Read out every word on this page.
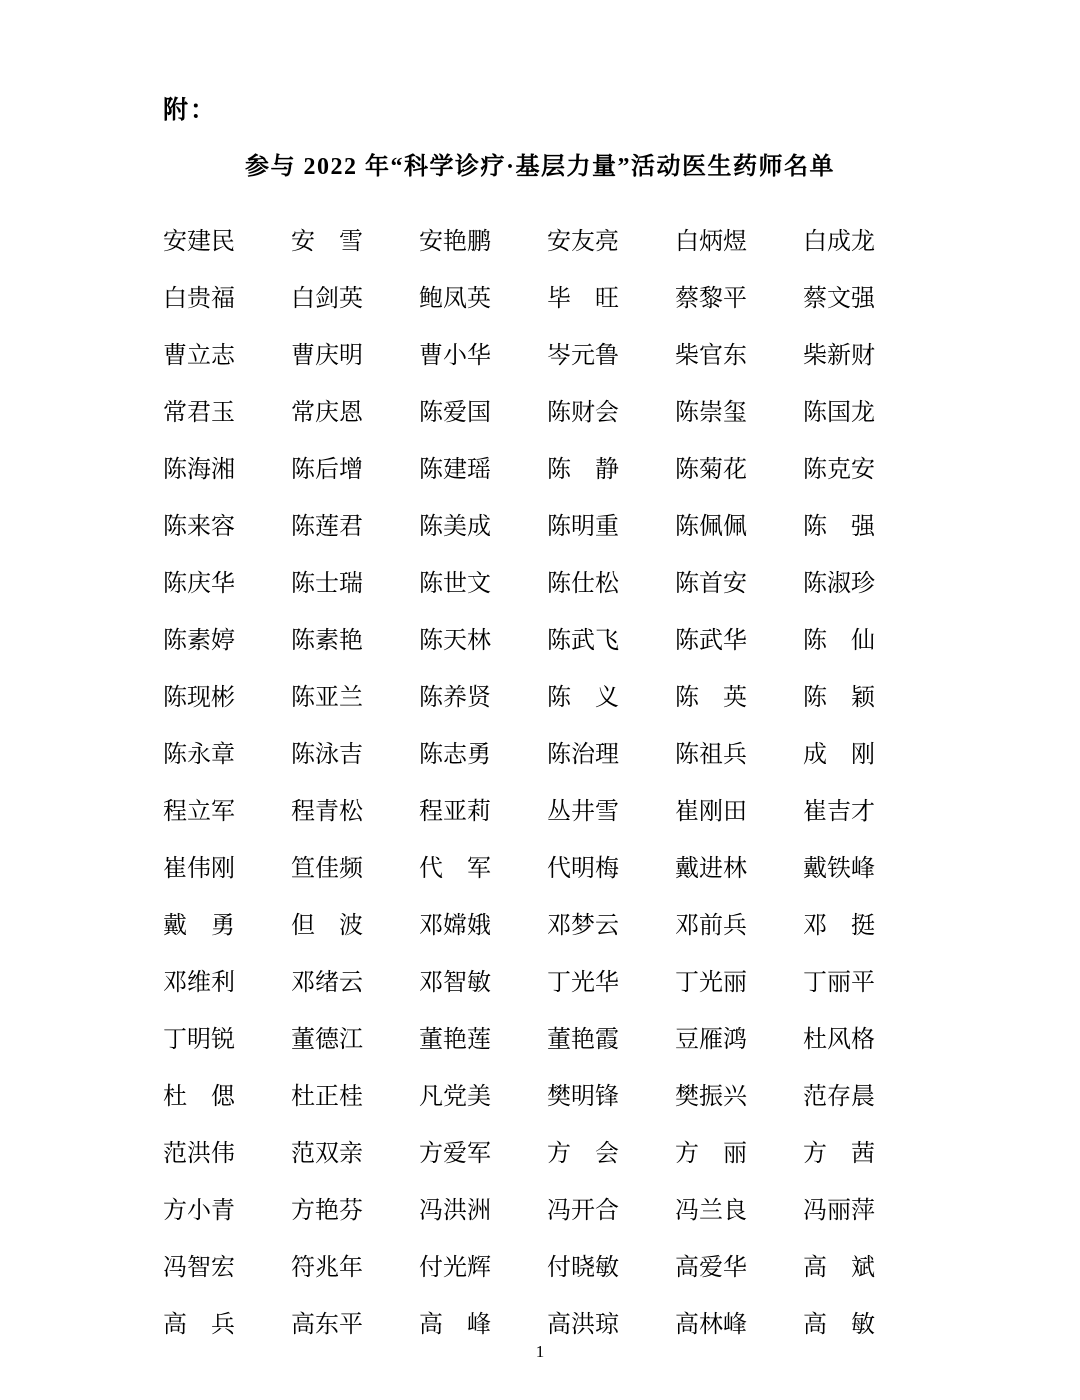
附：
参与 2022 年“科学诊疗·基层力量”活动医生药师名单
安建民 安　雪 安艳鹏 安友亮 白炳煜 白成龙
白贵福 白剑英 鲍凤英 毕　旺 蔡黎平 蔡文强
曹立志 曹庆明 曹小华 岑元鲁 柴官东 柴新财
常君玉 常庆恩 陈爱国 陈财会 陈崇玺 陈国龙
陈海湘 陈后增 陈建瑶 陈　静 陈菊花 陈克安
陈来容 陈莲君 陈美成 陈明重 陈佩佩 陈　强
陈庆华 陈士瑞 陈世文 陈仕松 陈首安 陈淑珍
陈素婷 陈素艳 陈天林 陈武飞 陈武华 陈　仙
陈现彬 陈亚兰 陈养贤 陈　义 陈　英 陈　颖
陈永章 陈泳吉 陈志勇 陈治理 陈祖兵 成　刚
程立军 程青松 程亚莉 丛井雪 崔刚田 崔吉才
崔伟刚 笪佳频 代　军 代明梅 戴进林 戴铁峰
戴　勇 但　波 邓嫦娥 邓梦云 邓前兵 邓　挺
邓维利 邓绪云 邓智敏 丁光华 丁光丽 丁丽平
丁明锐 董德江 董艳莲 董艳霞 豆雁鸿 杜风格
杜　偲 杜正桂 凡党美 樊明锋 樊振兴 范存晨
范洪伟 范双亲 方爱军 方　会 方　丽 方　茜
方小青 方艳芬 冯洪洲 冯开合 冯兰良 冯丽萍
冯智宏 符兆年 付光辉 付晓敏 高爱华 高　斌
高　兵 高东平 高　峰 高洪琼 高林峰 高　敏
1
